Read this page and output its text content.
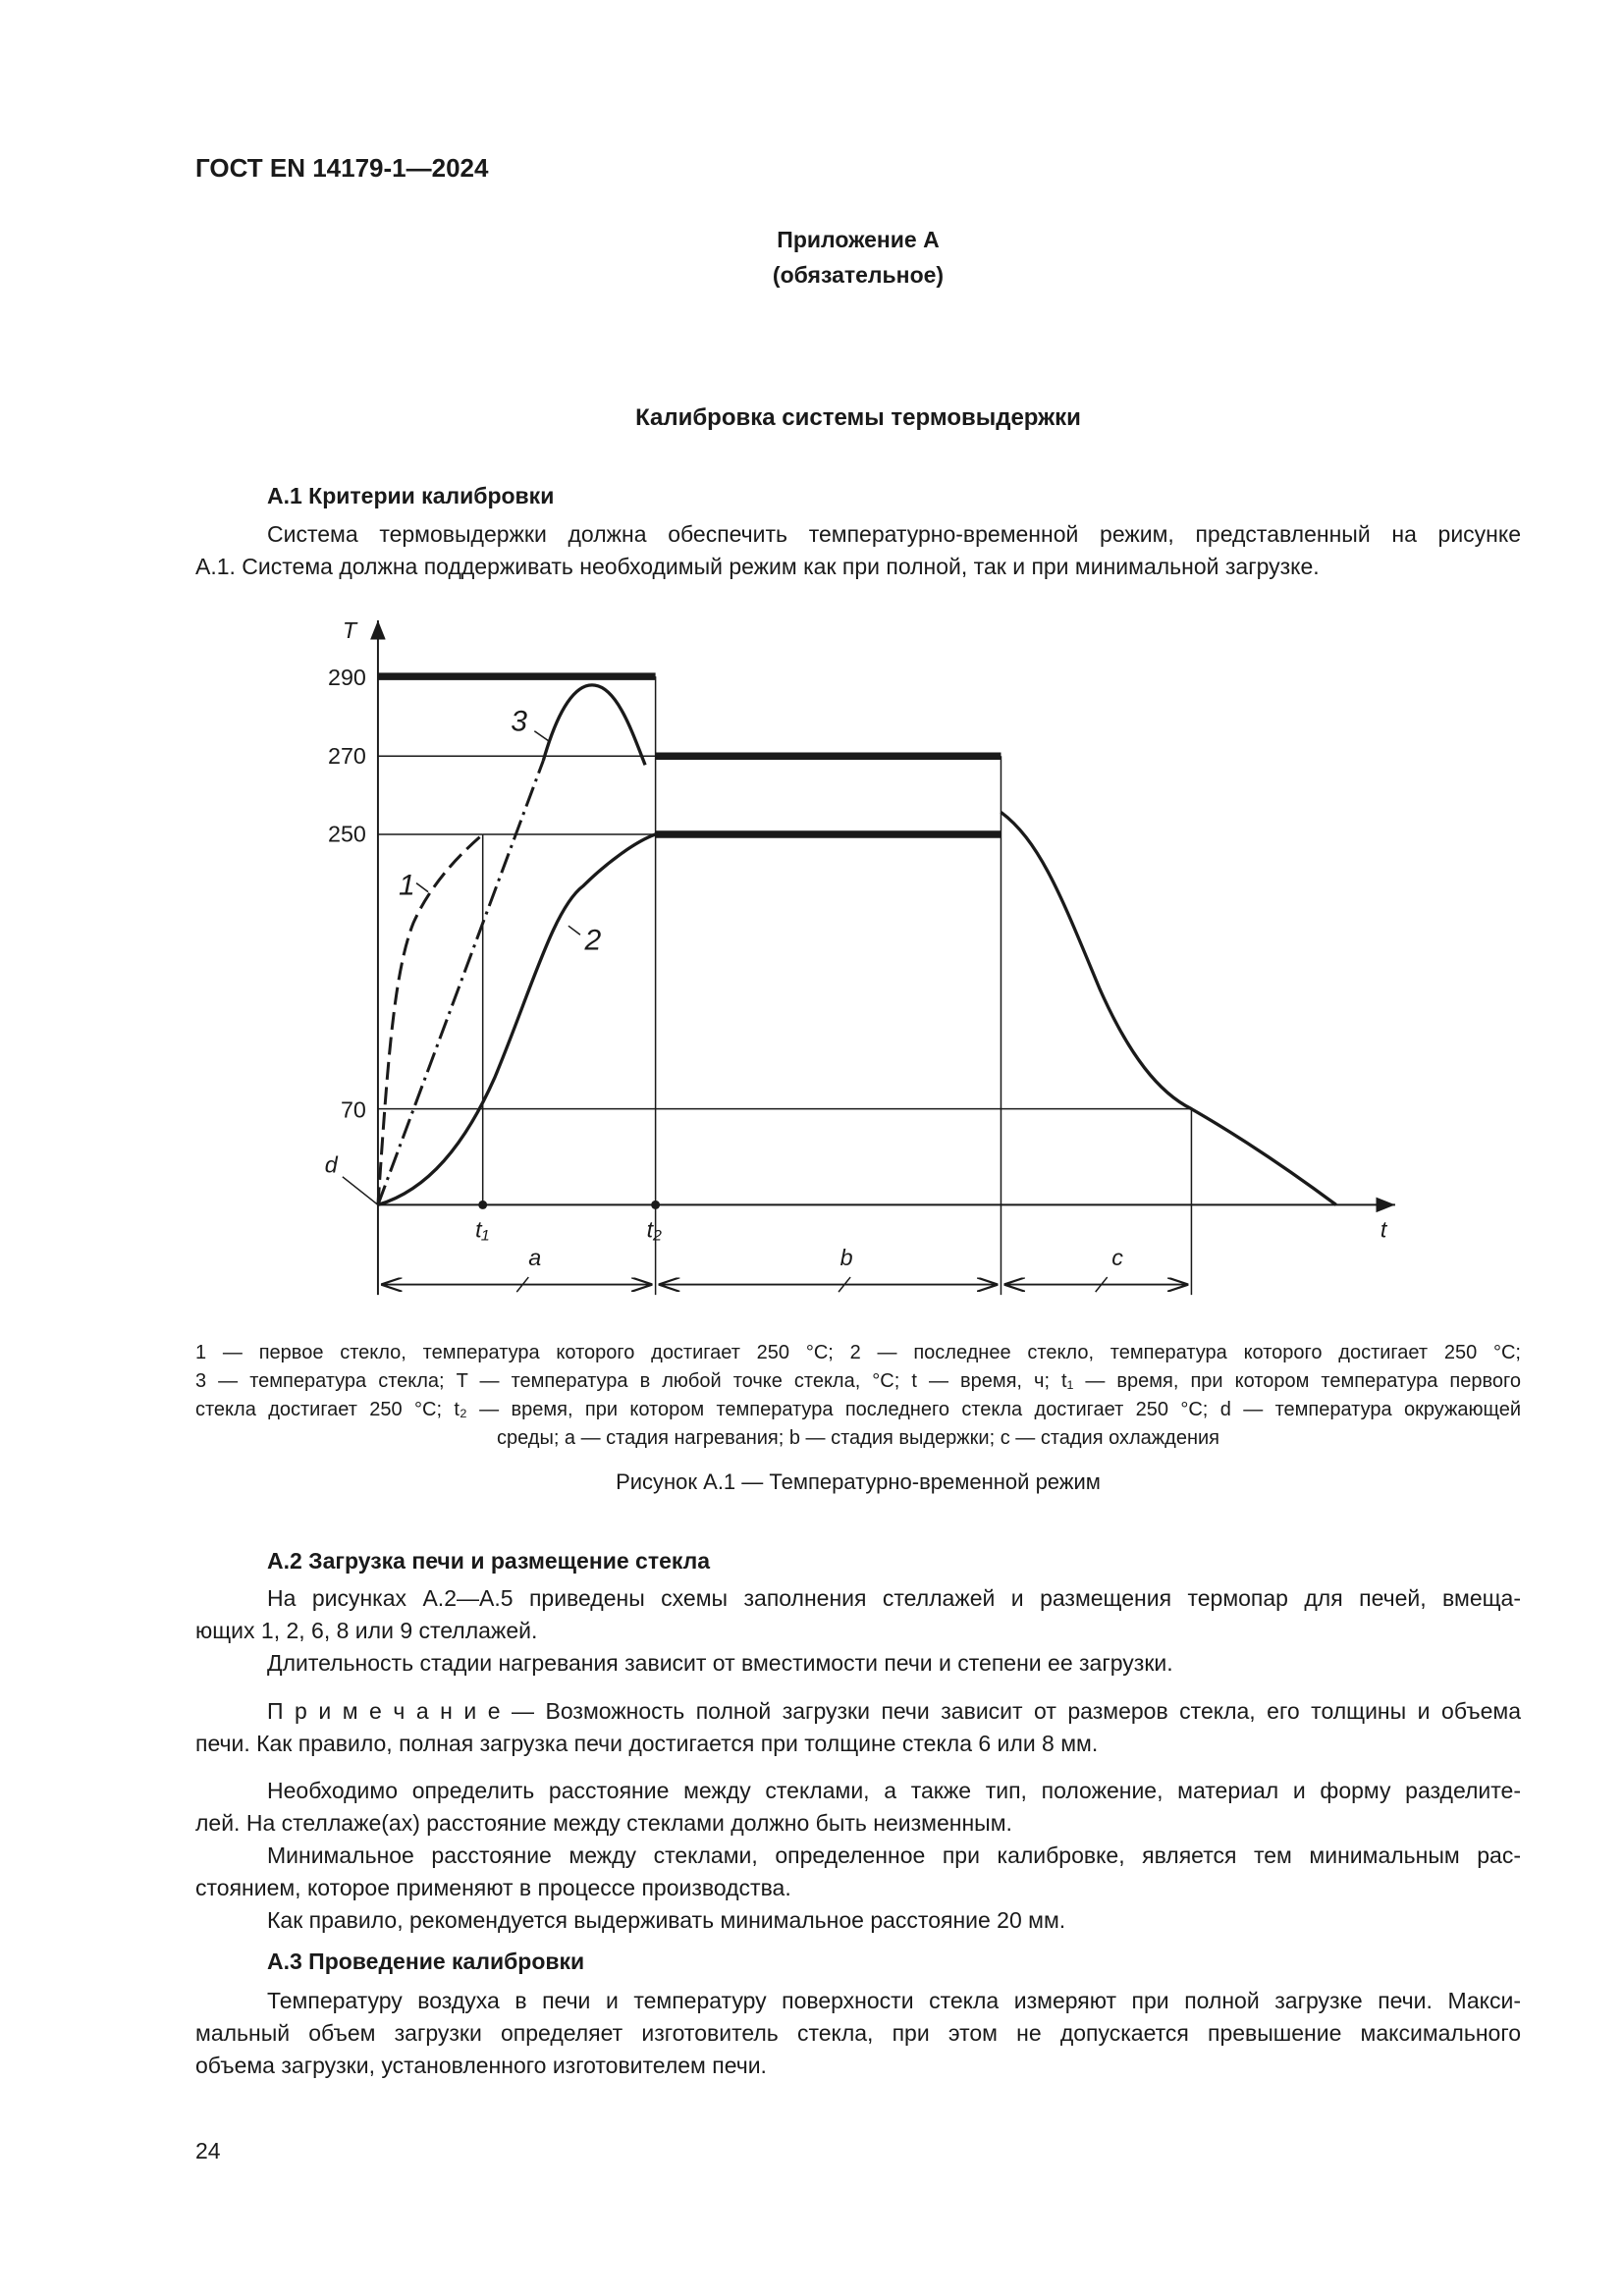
ГОСТ EN 14179-1—2024
Приложение А
(обязательное)
Калибровка системы термовыдержки
А.1 Критерии калибровки
Система термовыдержки должна обеспечить температурно-временной режим, представленный на рисунке
А.1. Система должна поддерживать необходимый режим как при полной, так и при минимальной загрузке.
T
290
270
250
70
d
t₁	t₂	t
a	b	c
1
2
3
1 — первое стекло, температура которого достигает 250 °С; 2 — последнее стекло, температура которого достигает 250 °С;
3 — температура стекла; T — температура в любой точке стекла, °С; t — время, ч; t₁ — время, при котором температура первого
стекла достигает 250 °С; t₂ — время, при котором температура последнего стекла достигает 250 °С; d — температура окружающей
среды; a — стадия нагревания; b — стадия выдержки; c — стадия охлаждения
Рисунок А.1 — Температурно-временной режим
А.2 Загрузка печи и размещение стекла
На рисунках А.2—А.5 приведены схемы заполнения стеллажей и размещения термопар для печей, вмеща-
ющих 1, 2, 6, 8 или 9 стеллажей.
Длительность стадии нагревания зависит от вместимости печи и степени ее загрузки.
П р и м е ч а н и е — Возможность полной загрузки печи зависит от размеров стекла, его толщины и объема
печи. Как правило, полная загрузка печи достигается при толщине стекла 6 или 8 мм.
Необходимо определить расстояние между стеклами, а также тип, положение, материал и форму разделите-
лей. На стеллаже(ах) расстояние между стеклами должно быть неизменным.
Минимальное расстояние между стеклами, определенное при калибровке, является тем минимальным рас-
стоянием, которое применяют в процессе производства.
Как правило, рекомендуется выдерживать минимальное расстояние 20 мм.
А.3 Проведение калибровки
Температуру воздуха в печи и температуру поверхности стекла измеряют при полной загрузке печи. Макси-
мальный объем загрузки определяет изготовитель стекла, при этом не допускается превышение максимального
объема загрузки, установленного изготовителем печи.
24
